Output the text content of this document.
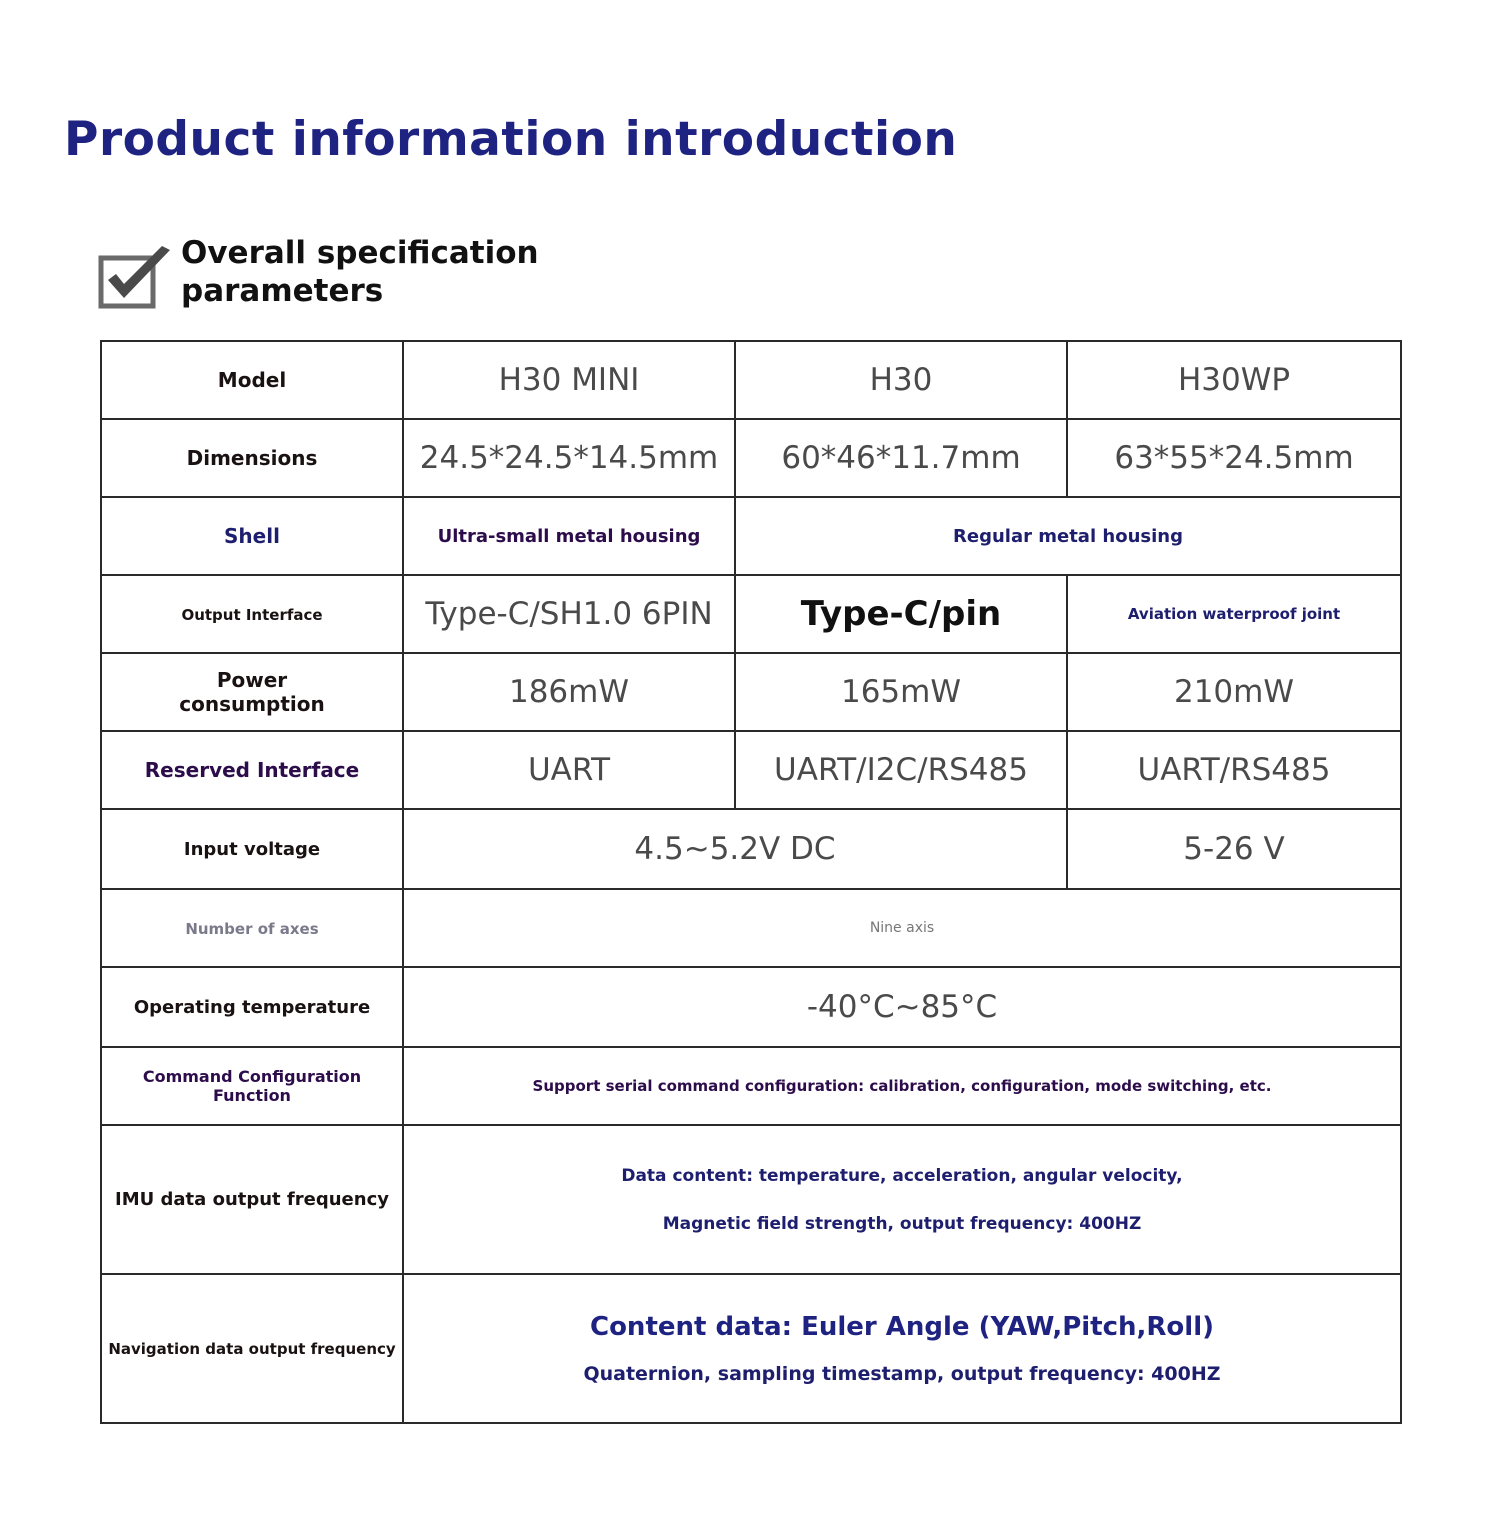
Product information introduction
Overall specification
parameters
Model	H30 MINI	H30	H30WP
Dimensions	24.5*24.5*14.5mm	60*46*11.7mm	63*55*24.5mm
Shell	Ultra-small metal housing	Regular metal housing	
Output Interface	Type-C/SH1.0 6PIN	Type-C/pin	Aviation waterproof joint

Power
consumption	186mW	165mW	210mW
Reserved Interface	UART	UART/I2C/RS485	UART/RS485
Input voltage	4.5~5.2V DC		5-26 V
Number of axes	Nine axis		
Operating temperature	-40°C~85°C		
Command Configuration Function	Support serial command configuration: calibration, configuration, mode switching, etc.		
IMU data output frequency	Data content: temperature, acceleration, angular velocity,
Magnetic field strength, output frequency: 400HZ		

Navigation data output frequency	Content data: Euler Angle (YAW,Pitch,Roll)
Quaternion, sampling timestamp, output frequency: 400HZ		
